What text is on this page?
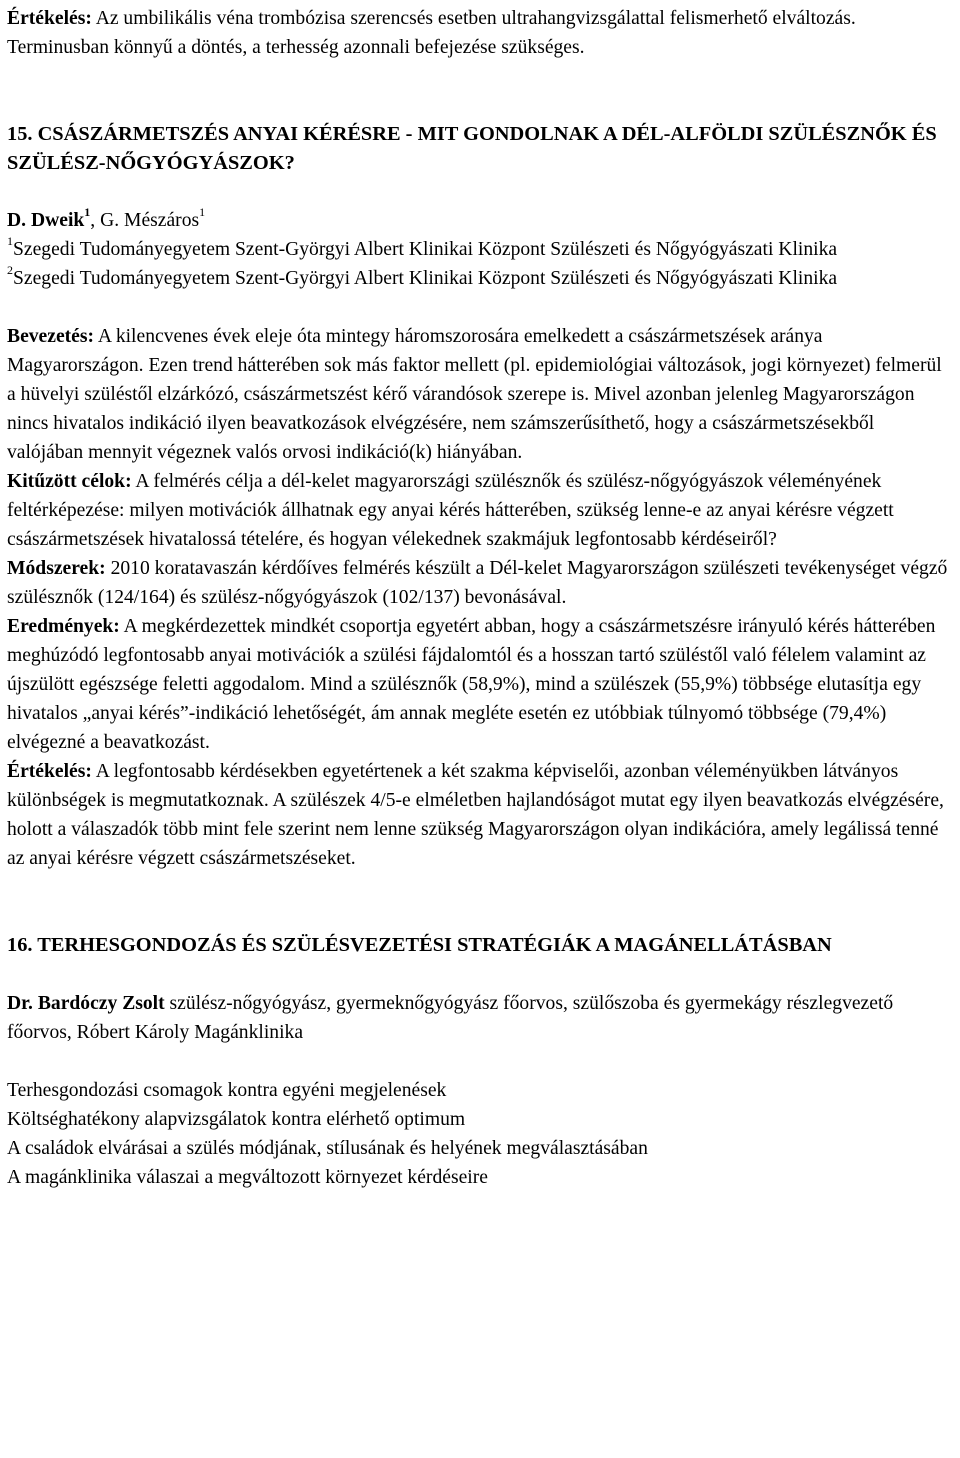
Értékelés: Az umbilikális véna trombózisa szerencsés esetben ultrahangvizsgálattal felismerhető elváltozás. Terminusban könnyű a döntés, a terhesség azonnali befejezése szükséges.

15. CSÁSZÁRMETSZÉS ANYAI KÉRÉSRE - MIT GONDOLNAK A DÉL-ALFÖLDI SZÜLÉSZNŐK ÉS SZÜLÉSZ-NŐGYÓGYÁSZOK?

D. Dweik$^1$, G. Mészáros$^1$

$^1$Szegedi Tudományegyetem Szent-Györgyi Albert Klinikai Központ Szülészeti és Nőgyógyászati Klinika

$^2$Szegedi Tudományegyetem Szent-Györgyi Albert Klinikai Központ Szülészeti és Nőgyógyászati Klinika

Bevezetés: A kilencvenes évek eleje óta mintegy háromszorosára emelkedett a császármetszések aránya Magyarországon. Ezen trend hátterében sok más faktor mellett (pl. epidemiológiai változások, jogi környezet) felmerül a hüvelyi szüléstől elzárkózó, császármetszést kérő várandósok szerepe is. Mivel azonban jelenleg Magyarországon nincs hivatalos indikáció ilyen beavatkozások elvégzésére, nem számszerűsíthető, hogy a császármetszésekből valójában mennyit végeznek valós orvosi indikáció(k) hiányában.

Kitűzött célok: A felmérés célja a dél-kelet magyarországi szülésznők és szülész-nőgyógyászok véleményének feltérképezése: milyen motivációk állhatnak egy anyai kérés hátterében, szükség lenne-e az anyai kérésre végzett császármetszések hivatalossá tételére, és hogyan vélekednek szakmájuk legfontosabb kérdéseiről?

Módszerek: 2010 koratavaszán kérdőíves felmérés készült a Dél-kelet Magyarországon szülészeti tevékenységet végző szülésznők (124/164) és szülész-nőgyógyászok (102/137) bevonásával.

Eredmények: A megkérdezettek mindkét csoportja egyetért abban, hogy a császármetszésre irányuló kérés hátterében meghúzódó legfontosabb anyai motivációk a szülési fájdalomtól és a hosszan tartó szüléstől való félelem valamint az újszülött egészsége feletti aggodalom. Mind a szülésznők (58,9%), mind a szülészek (55,9%) többsége elutasítja egy hivatalos „anyai kérés”-indikáció lehetőségét, ám annak megléte esetén ez utóbbiak túlnyomó többsége (79,4%) elvégezné a beavatkozást.

Értékelés: A legfontosabb kérdésekben egyetértenek a két szakma képviselői, azonban véleményükben látványos különbségek is megmutatkoznak. A szülészek 4/5-e elméletben hajlandóságot mutat egy ilyen beavatkozás elvégzésére, holott a válaszadók több mint fele szerint nem lenne szükség Magyarországon olyan indikációra, amely legálissá tenné az anyai kérésre végzett császármetszéseket.

16. TERHESGONDOZÁS ÉS SZÜLÉSVEZETÉSI STRATÉGIÁK A MAGÁNELLÁTÁSBAN

Dr. Bardóczy Zsolt szülész-nőgyógyász, gyermeknőgyógyász főorvos, szülőszoba és gyermekágy részlegvezető főorvos, Róbert Károly Magánklinika

Terhesgondozási csomagok kontra egyéni megjelenések

Költséghatékony alapvizsgálatok kontra elérhető optimum

A családok elvárásai a szülés módjának, stílusának és helyének megválasztásában

A magánklinika válaszai a megváltozott környezet kérdéseire
